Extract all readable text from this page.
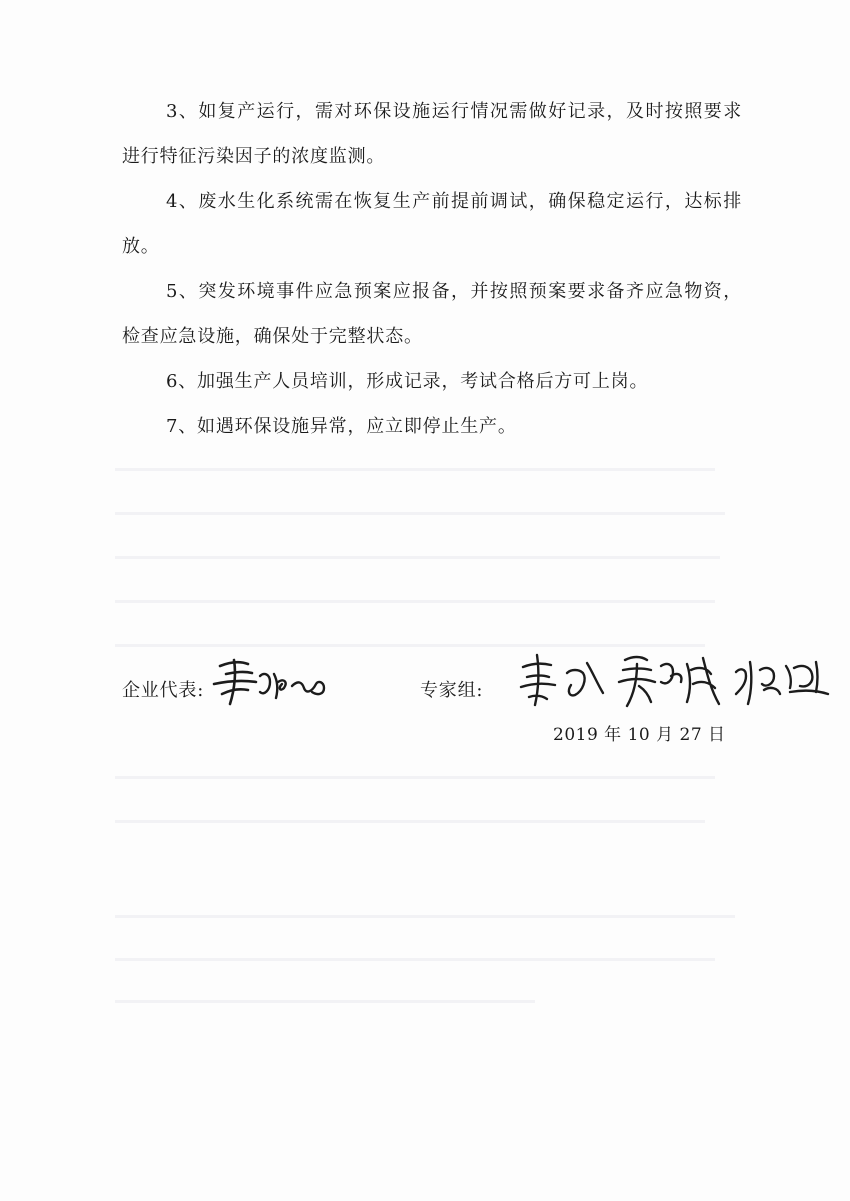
3、如复产运行，需对环保设施运行情况需做好记录，及时按照要求进行特征污染因子的浓度监测。

4、废水生化系统需在恢复生产前提前调试，确保稳定运行，达标排放。

5、突发环境事件应急预案应报备，并按照预案要求备齐应急物资，检查应急设施，确保处于完整状态。

6、加强生产人员培训，形成记录，考试合格后方可上岗。

7、如遇环保设施异常，应立即停止生产。

企业代表:	专家组:
2019 年 10 月 27 日
